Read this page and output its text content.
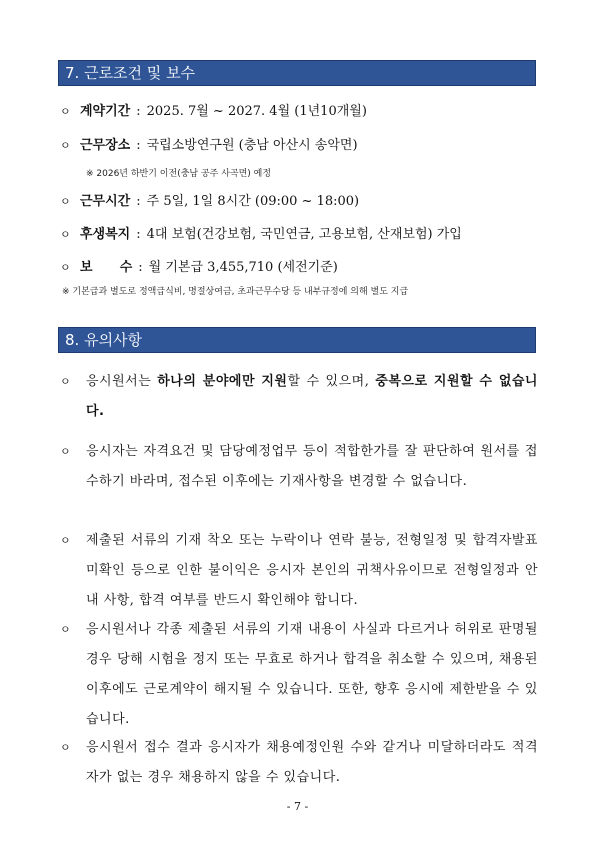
7. 근로조건 및 보수
ㅇ 계약기간 : 2025. 7월 ~ 2027. 4월 (1년10개월)
ㅇ 근무장소 : 국립소방연구원 (충남 아산시 송악면)
※ 2026년 하반기 이전(충남 공주 사곡면) 예정
ㅇ 근무시간 : 주 5일, 1일 8시간 (09:00 ~ 18:00)
ㅇ 후생복지 : 4대 보험(건강보험, 국민연금, 고용보험, 산재보험) 가입
ㅇ 보      수 : 월 기본급 3,455,710 (세전기준)
※ 기본급과 별도로 정액급식비, 명절상여금, 초과근무수당 등 내부규정에 의해 별도 지급
8. 유의사항
ㅇ 응시원서는 하나의 분야에만 지원할 수 있으며, 중복으로 지원할 수 없습니다.
ㅇ 응시자는 자격요건 및 담당예정업무 등이 적합한가를 잘 판단하여 원서를 접수하기 바라며, 접수된 이후에는 기재사항을 변경할 수 없습니다.
ㅇ 제출된 서류의 기재 착오 또는 누락이나 연락 불능, 전형일정 및 합격자발표 미확인 등으로 인한 불이익은 응시자 본인의 귀책사유이므로 전형일정과 안내 사항, 합격 여부를 반드시 확인해야 합니다.
ㅇ 응시원서나 각종 제출된 서류의 기재 내용이 사실과 다르거나 허위로 판명될 경우 당해 시험을 정지 또는 무효로 하거나 합격을 취소할 수 있으며, 채용된 이후에도 근로계약이 해지될 수 있습니다. 또한, 향후 응시에 제한받을 수 있습니다.
ㅇ 응시원서 접수 결과 응시자가 채용예정인원 수와 같거나 미달하더라도 적격자가 없는 경우 채용하지 않을 수 있습니다.
- 7 -
